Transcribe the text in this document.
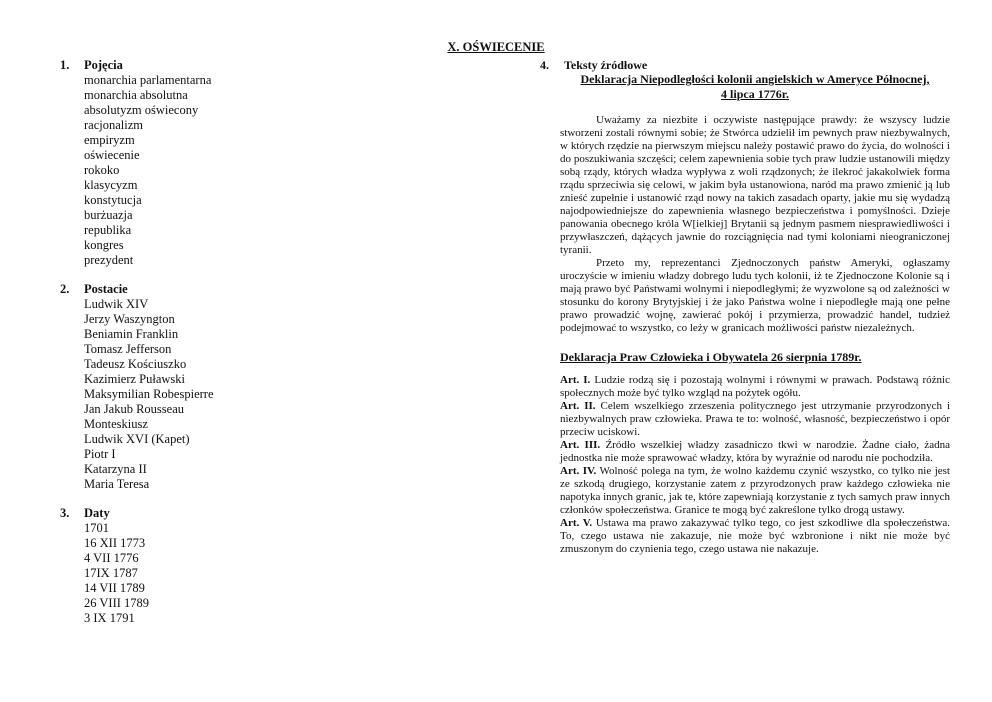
X. OŚWIECENIE
1.	Pojęcia
monarchia parlamentarna
monarchia absolutna
absolutyzm oświecony
racjonalizm
empiryzm
oświecenie
rokoko
klasycyzm
konstytucja
burżuazja
republika
kongres
prezydent
2.	Postacie
Ludwik XIV
Jerzy Waszyngton
Beniamin Franklin
Tomasz Jefferson
Tadeusz Kościuszko
Kazimierz Puławski
Maksymilian Robespierre
Jan Jakub Rousseau
Monteskiusz
Ludwik XVI (Kapet)
Piotr I
Katarzyna II
Maria Teresa
3.	Daty
1701
16 XII 1773
4 VII 1776
17IX 1787
14 VII 1789
26 VIII 1789
3 IX 1791
4.	Teksty źródłowe
Deklaracja Niepodległości kolonii angielskich w Ameryce Północnej,
4 lipca 1776r.

Uważamy za niezbite i oczywiste następujące prawdy: że wszyscy ludzie stworzeni zostali równymi sobie; że Stwórca udzielił im pewnych praw niezbywalnych, w których rzędzie na pierwszym miejscu należy postawić prawo do życia, do wolności i do poszukiwania szczęści; celem zapewnienia sobie tych praw ludzie ustanowili między sobą rządy, których władza wypływa z woli rządzonych; że ilekroć jakakolwiek forma rządu sprzeciwia się celowi, w jakim była ustanowiona, naród ma prawo zmienić ją lub znieść zupełnie i ustanowić rząd nowy na takich zasadach oparty, jakie mu się wydadzą najodpowiedniejsze do zapewnienia własnego bezpieczeństwa i pomyślności. Dzieje panowania obecnego króla W[ielkiej] Brytanii są jednym pasmem niesprawiedliwości i przywłaszczeń, dążących jawnie do rozciągnięcia nad tymi koloniami nieograniczonej tyranii.

Przeto my, reprezentanci Zjednoczonych państw Ameryki, ogłaszamy uroczyście w imieniu władzy dobrego ludu tych kolonii, iż te Zjednoczone Kolonie są i mają prawo być Państwami wolnymi i niepodległymi; że wyzwolone są od zależności w stosunku do korony Brytyjskiej i że jako Państwa wolne i niepodległe mają one pełne prawo prowadzić wojnę, zawierać pokój i przymierza, prowadzić handel, tudzież podejmować to wszystko, co leży w granicach możliwości państw niezależnych.

Deklaracja Praw Człowieka i Obywatela 26 sierpnia 1789r.
Art. I. Ludzie rodzą się i pozostają wolnymi i równymi w prawach. Podstawą różnic społecznych może być tylko wzgląd na pożytek ogółu.
Art. II. Celem wszelkiego zrzeszenia politycznego jest utrzymanie przyrodzonych i niezbywalnych praw człowieka. Prawa te to: wolność, własność, bezpieczeństwo i opór przeciw uciskowi.
Art. III. Źródło wszelkiej władzy zasadniczo tkwi w narodzie. Żadne ciało, żadna jednostka nie może sprawować władzy, która by wyraźnie od narodu nie pochodziła.
Art. IV. Wolność polega na tym, że wolno każdemu czynić wszystko, co tylko nie jest ze szkodą drugiego, korzystanie zatem z przyrodzonych praw każdego człowieka nie napotyka innych granic, jak te, które zapewniają korzystanie z tych samych praw innych członków społeczeństwa. Granice te mogą być zakreślone tylko drogą ustawy.
Art. V. Ustawa ma prawo zakazywać tylko tego, co jest szkodliwe dla społeczeństwa. To, czego ustawa nie zakazuje, nie może być wzbronione i nikt nie może być zmuszonym do czynienia tego, czego ustawa nie nakazuje.
